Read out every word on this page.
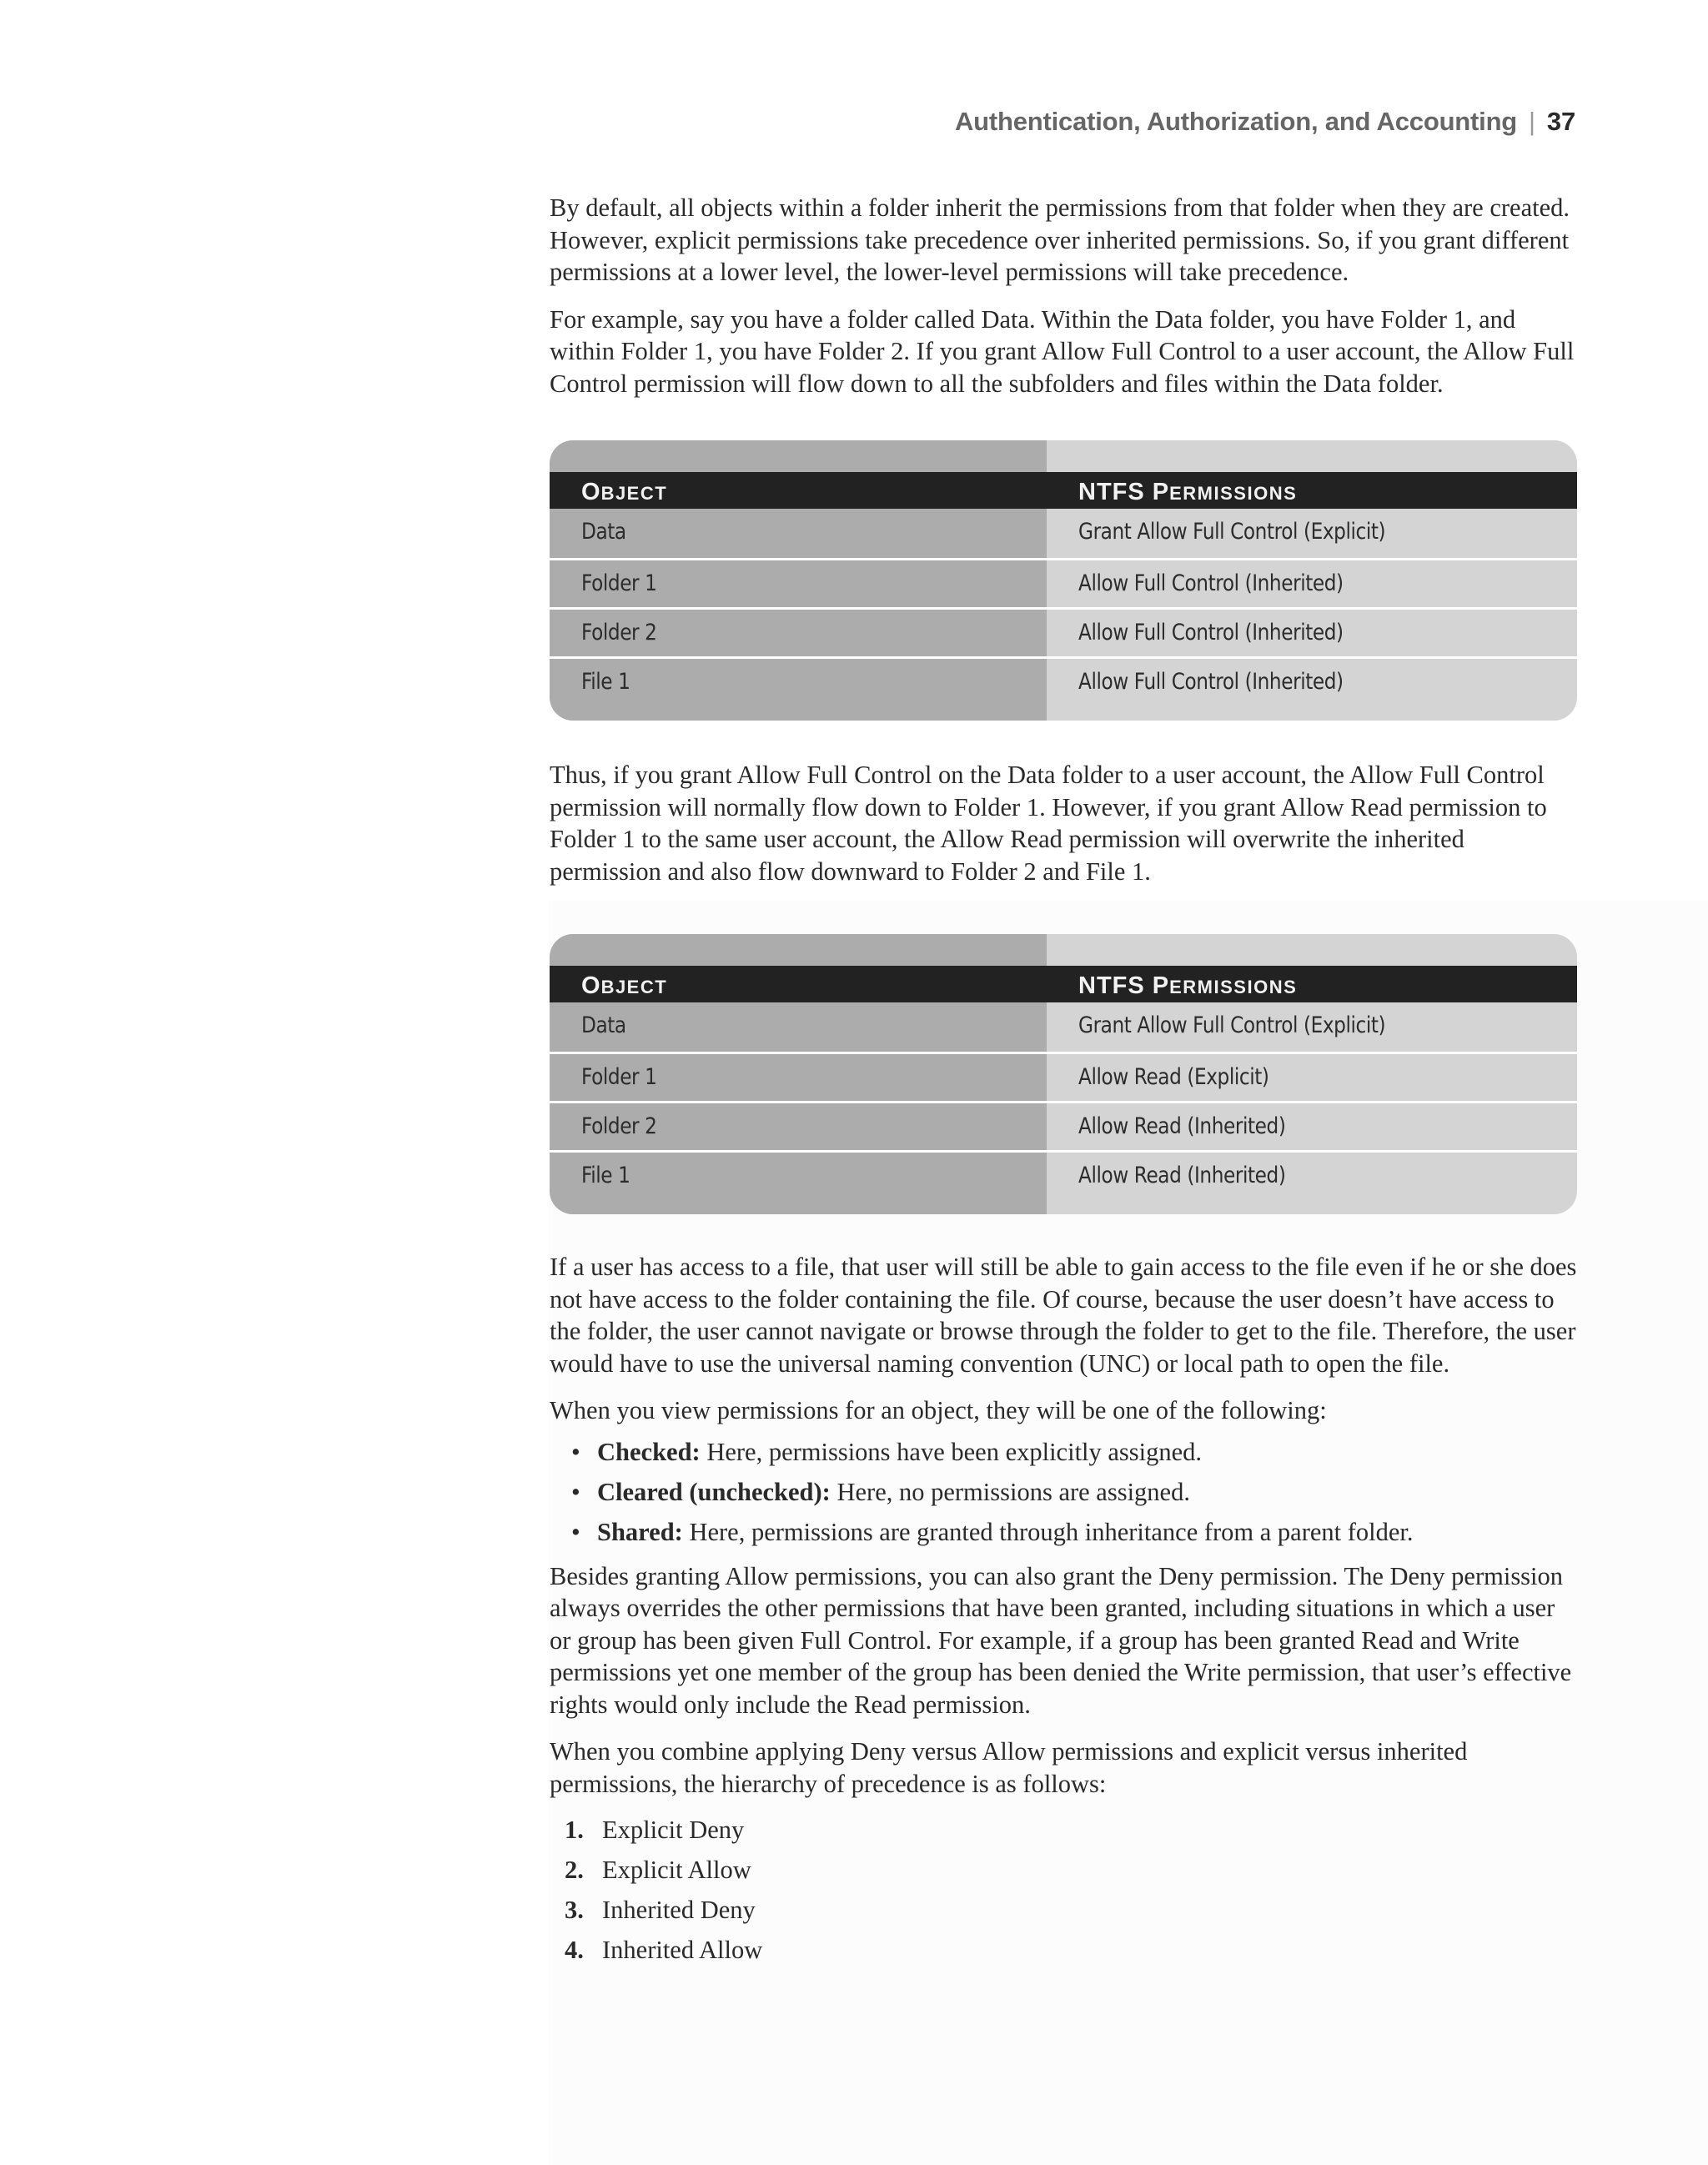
Authentication, Authorization, and Accounting | 37

By default, all objects within a folder inherit the permissions from that folder when they are created. However, explicit permissions take precedence over inherited permissions. So, if you grant different permissions at a lower level, the lower-level permissions will take precedence.

For example, say you have a folder called Data. Within the Data folder, you have Folder 1, and within Folder 1, you have Folder 2. If you grant Allow Full Control to a user account, the Allow Full Control permission will flow down to all the subfolders and files within the Data folder.

OBJECT	NTFS PERMISSIONS
Data	Grant Allow Full Control (Explicit)
Folder 1	Allow Full Control (Inherited)
Folder 2	Allow Full Control (Inherited)
File 1	Allow Full Control (Inherited)

Thus, if you grant Allow Full Control on the Data folder to a user account, the Allow Full Control permission will normally flow down to Folder 1. However, if you grant Allow Read permission to Folder 1 to the same user account, the Allow Read permission will overwrite the inherited permission and also flow downward to Folder 2 and File 1.

OBJECT	NTFS PERMISSIONS
Data	Grant Allow Full Control (Explicit)
Folder 1	Allow Read (Explicit)
Folder 2	Allow Read (Inherited)
File 1	Allow Read (Inherited)

If a user has access to a file, that user will still be able to gain access to the file even if he or she does not have access to the folder containing the file. Of course, because the user doesn’t have access to the folder, the user cannot navigate or browse through the folder to get to the file. Therefore, the user would have to use the universal naming convention (UNC) or local path to open the file.

When you view permissions for an object, they will be one of the following:

• Checked: Here, permissions have been explicitly assigned.
• Cleared (unchecked): Here, no permissions are assigned.
• Shared: Here, permissions are granted through inheritance from a parent folder.

Besides granting Allow permissions, you can also grant the Deny permission. The Deny permission always overrides the other permissions that have been granted, including situations in which a user or group has been given Full Control. For example, if a group has been granted Read and Write permissions yet one member of the group has been denied the Write permission, that user’s effective rights would only include the Read permission.

When you combine applying Deny versus Allow permissions and explicit versus inherited permissions, the hierarchy of precedence is as follows:

1. Explicit Deny
2. Explicit Allow
3. Inherited Deny
4. Inherited Allow
